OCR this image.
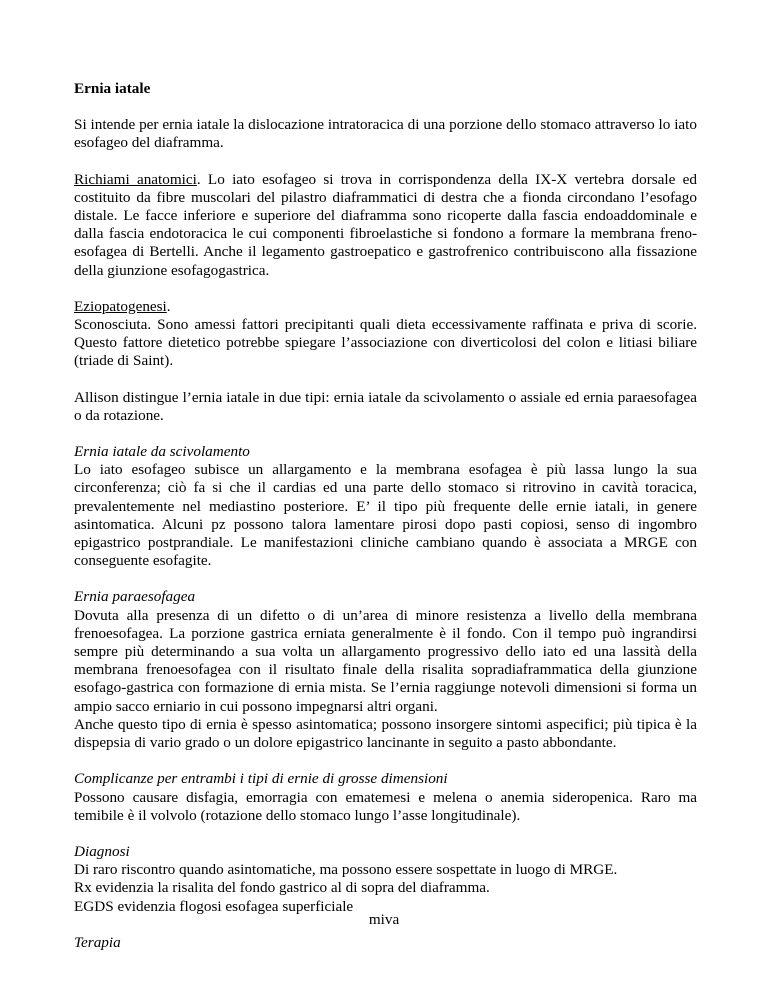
Ernia iatale

Si intende per ernia iatale la dislocazione intratoracica di una porzione dello stomaco attraverso lo iato esofageo del diaframma.

Richiami anatomici. Lo iato esofageo si trova in corrispondenza della IX-X vertebra dorsale ed costituito da fibre muscolari del pilastro diaframmatici di destra che a fionda circondano l’esofago distale. Le facce inferiore e superiore del diaframma sono ricoperte dalla fascia endoaddominale e dalla fascia endotoracica le cui componenti fibroelastiche si fondono a formare la membrana freno-esofagea di Bertelli. Anche il legamento gastroepatico e gastrofrenico contribuiscono alla fissazione della giunzione esofagogastrica.

Eziopatogenesi.
Sconosciuta. Sono amessi fattori precipitanti quali dieta eccessivamente raffinata e priva di scorie. Questo fattore dietetico potrebbe spiegare l’associazione con diverticolosi del colon e litiasi biliare (triade di Saint).

Allison distingue l’ernia iatale in due tipi: ernia iatale da scivolamento o assiale ed ernia paraesofagea o da rotazione.

Ernia iatale da scivolamento
Lo iato esofageo subisce un allargamento e la membrana esofagea è più lassa lungo la sua circonferenza; ciò fa si che il cardias ed una parte dello stomaco si ritrovino in cavità toracica, prevalentemente nel mediastino posteriore. E’ il tipo più frequente delle ernie iatali, in genere asintomatica. Alcuni pz possono talora lamentare pirosi dopo pasti copiosi, senso di ingombro epigastrico postprandiale. Le manifestazioni cliniche cambiano quando è associata a MRGE con conseguente esofagite.

Ernia paraesofagea
Dovuta alla presenza di un difetto o di un’area di minore resistenza a livello della membrana frenoesofagea. La porzione gastrica erniata generalmente è il fondo. Con il tempo può ingrandirsi sempre più determinando a sua volta un allargamento progressivo dello iato ed una lassità della membrana frenoesofagea con il risultato finale della risalita sopradiaframmatica della giunzione esofago-gastrica con formazione di ernia mista. Se l’ernia raggiunge notevoli dimensioni si forma un ampio sacco erniario in cui possono impegnarsi altri organi.
Anche questo tipo di ernia è spesso asintomatica; possono insorgere sintomi aspecifici; più tipica è la dispepsia di vario grado o un dolore epigastrico lancinante in seguito a pasto abbondante.

Complicanze per entrambi i tipi di ernie di grosse dimensioni
Possono causare disfagia, emorragia con ematemesi e melena o anemia sideropenica. Raro ma temibile è il volvolo (rotazione dello stomaco lungo l’asse longitudinale).

Diagnosi
Di raro riscontro quando asintomatiche, ma possono essere sospettate in luogo di MRGE.
Rx evidenzia la risalita del fondo gastrico al di sopra del diaframma.
EGDS evidenzia flogosi esofagea superficiale

Terapia

miva
